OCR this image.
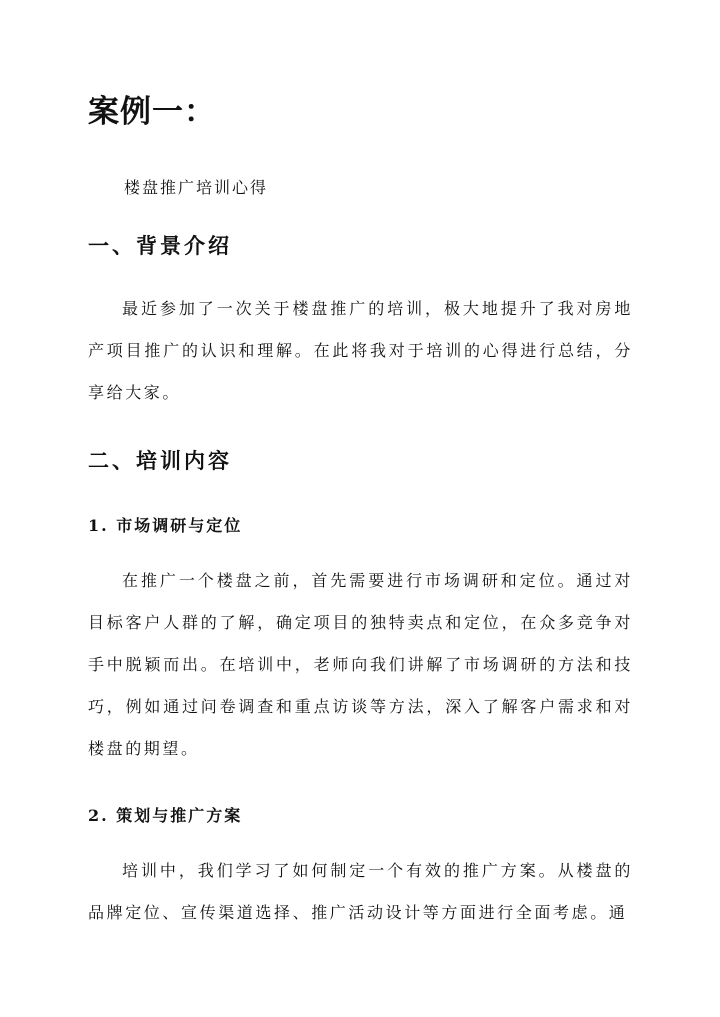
案例一：

楼盘推广培训心得

一、背景介绍

最近参加了一次关于楼盘推广的培训，极大地提升了我对房地产项目推广的认识和理解。在此将我对于培训的心得进行总结，分享给大家。

二、培训内容
1. 市场调研与定位

在推广一个楼盘之前，首先需要进行市场调研和定位。通过对目标客户人群的了解，确定项目的独特卖点和定位，在众多竞争对手中脱颖而出。在培训中，老师向我们讲解了市场调研的方法和技巧，例如通过问卷调查和重点访谈等方法，深入了解客户需求和对楼盘的期望。

2. 策划与推广方案

培训中，我们学习了如何制定一个有效的推广方案。从楼盘的品牌定位、宣传渠道选择、推广活动设计等方面进行全面考虑。通
